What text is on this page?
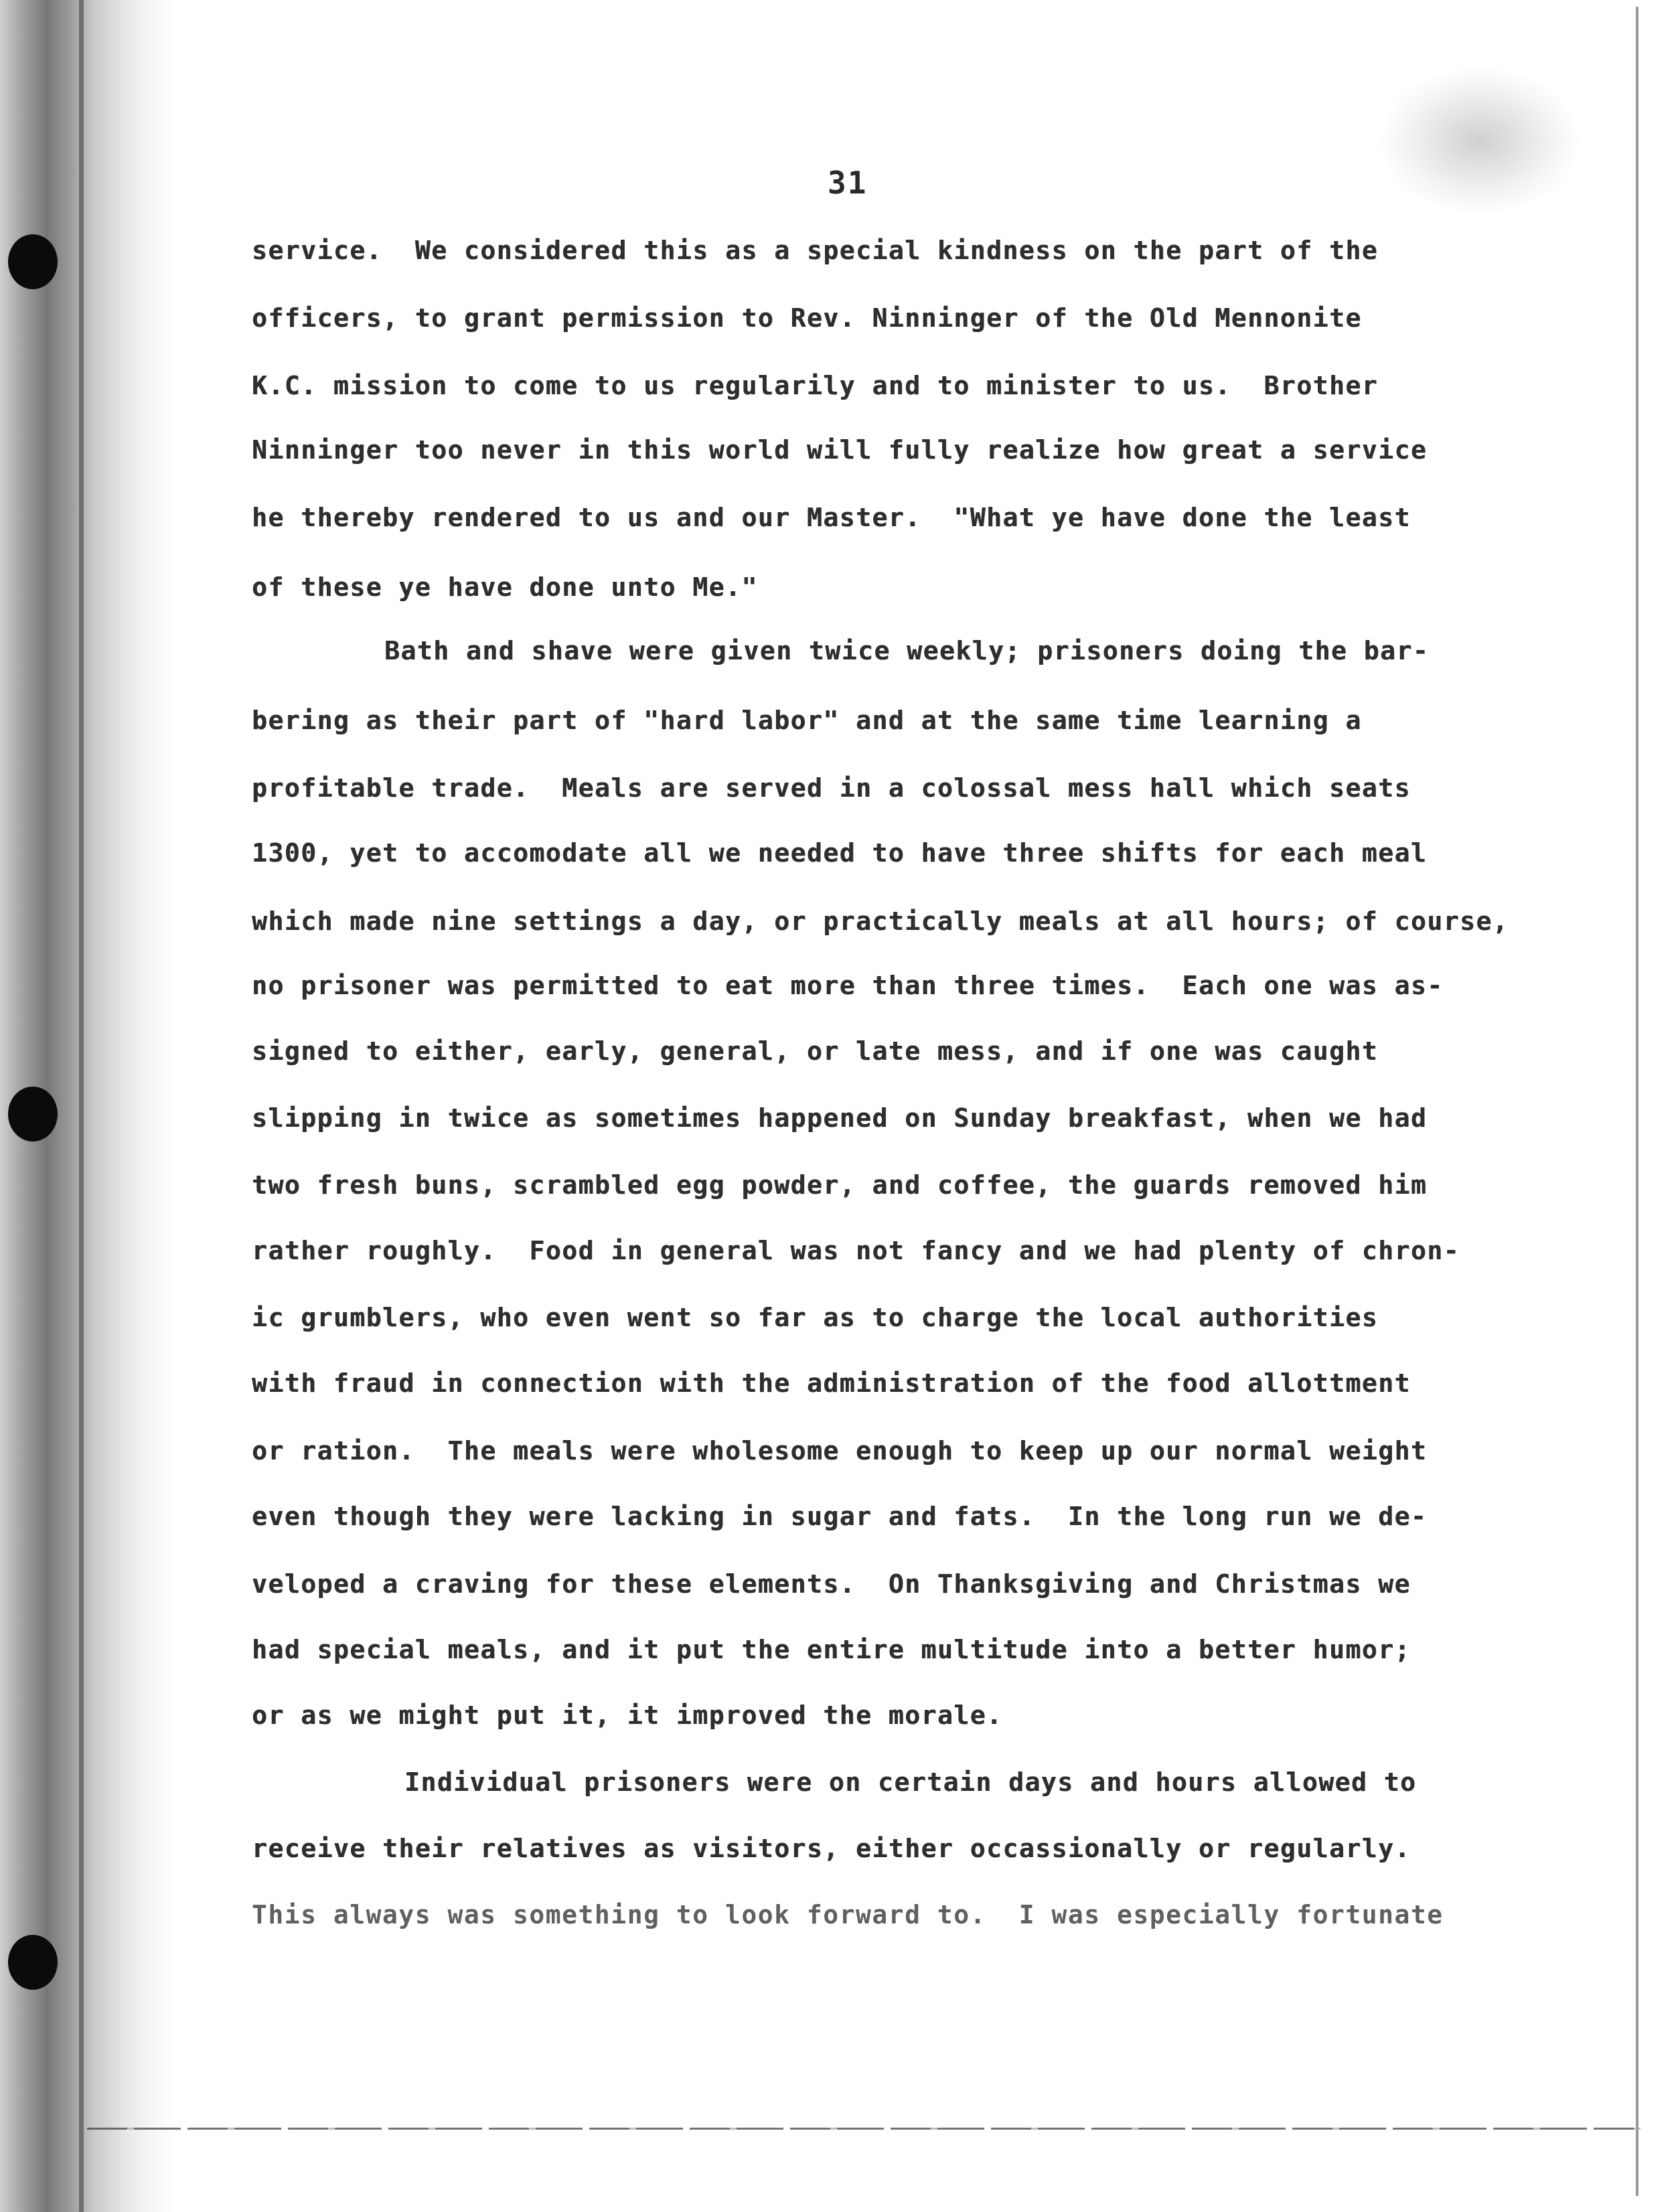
31
service.  We considered this as a special kindness on the part of the
officers, to grant permission to Rev. Ninninger of the Old Mennonite
K.C. mission to come to us regularily and to minister to us.  Brother
Ninninger too never in this world will fully realize how great a service
he thereby rendered to us and our Master.  "What ye have done the least
of these ye have done unto Me."
Bath and shave were given twice weekly; prisoners doing the bar-
bering as their part of "hard labor" and at the same time learning a
profitable trade.  Meals are served in a colossal mess hall which seats
1300, yet to accomodate all we needed to have three shifts for each meal
which made nine settings a day, or practically meals at all hours; of course,
no prisoner was permitted to eat more than three times.  Each one was as-
signed to either, early, general, or late mess, and if one was caught
slipping in twice as sometimes happened on Sunday breakfast, when we had
two fresh buns, scrambled egg powder, and coffee, the guards removed him
rather roughly.  Food in general was not fancy and we had plenty of chron-
ic grumblers, who even went so far as to charge the local authorities
with fraud in connection with the administration of the food allottment
or ration.  The meals were wholesome enough to keep up our normal weight
even though they were lacking in sugar and fats.  In the long run we de-
veloped a craving for these elements.  On Thanksgiving and Christmas we
had special meals, and it put the entire multitude into a better humor;
or as we might put it, it improved the morale.
Individual prisoners were on certain days and hours allowed to
receive their relatives as visitors, either occassionally or regularly.
This always was something to look forward to.  I was especially fortunate
